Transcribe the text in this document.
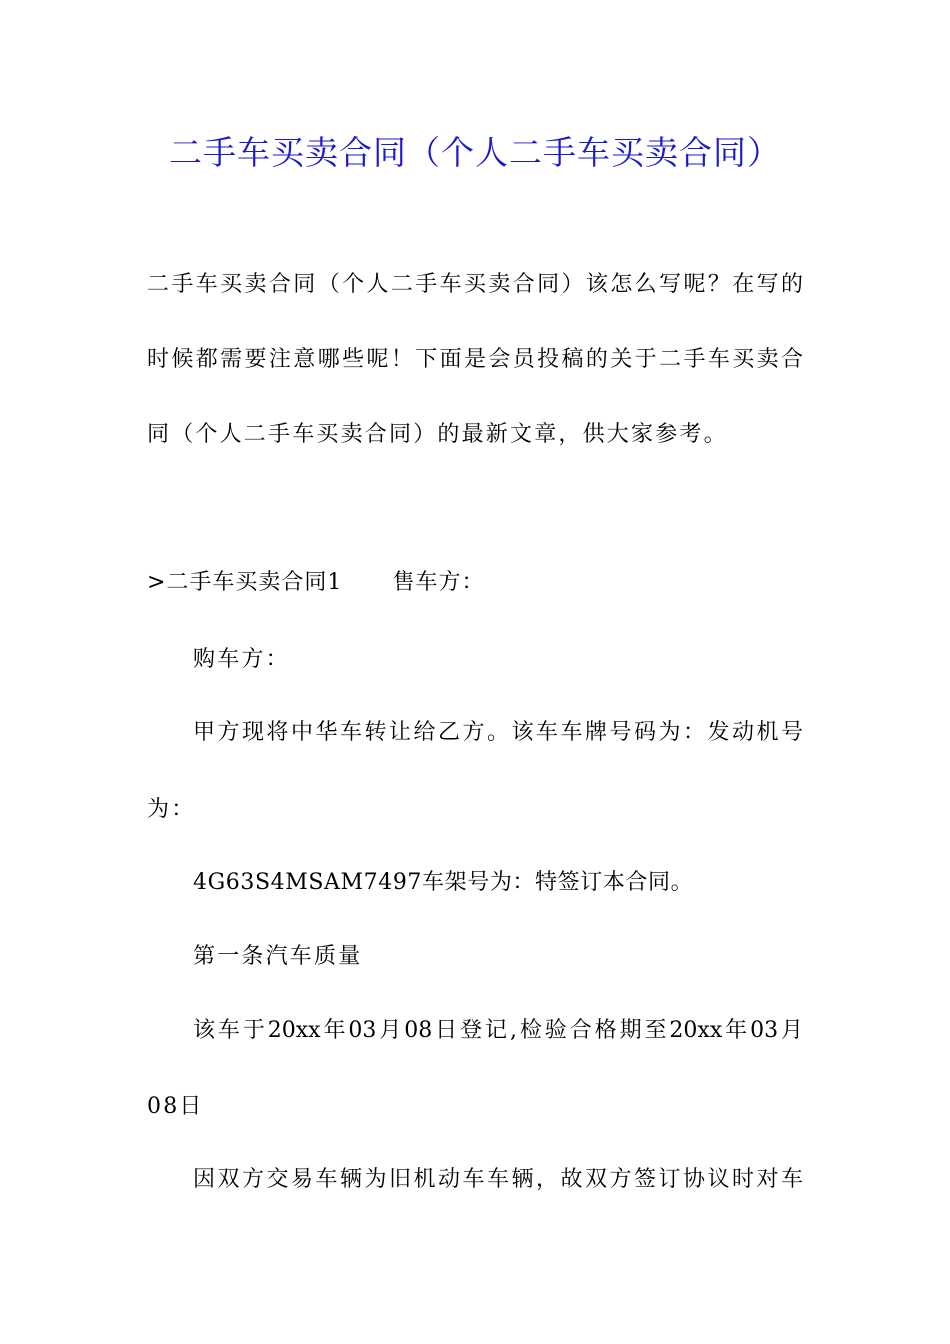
二手车买卖合同（个人二手车买卖合同）
二手车买卖合同（个人二手车买卖合同）该怎么写呢？在写的
时候都需要注意哪些呢！下面是会员投稿的关于二手车买卖合
同（个人二手车买卖合同）的最新文章，供大家参考。
>二手车买卖合同1 售车方：
购车方：
甲方现将中华车转让给乙方。该车车牌号码为：发动机号
为：
4G63S4MSAM7497车架号为：特签订本合同。
第一条汽车质量
该车于20xx年03月08日登记,检验合格期至20xx年03月
08日
因双方交易车辆为旧机动车车辆，故双方签订协议时对车
